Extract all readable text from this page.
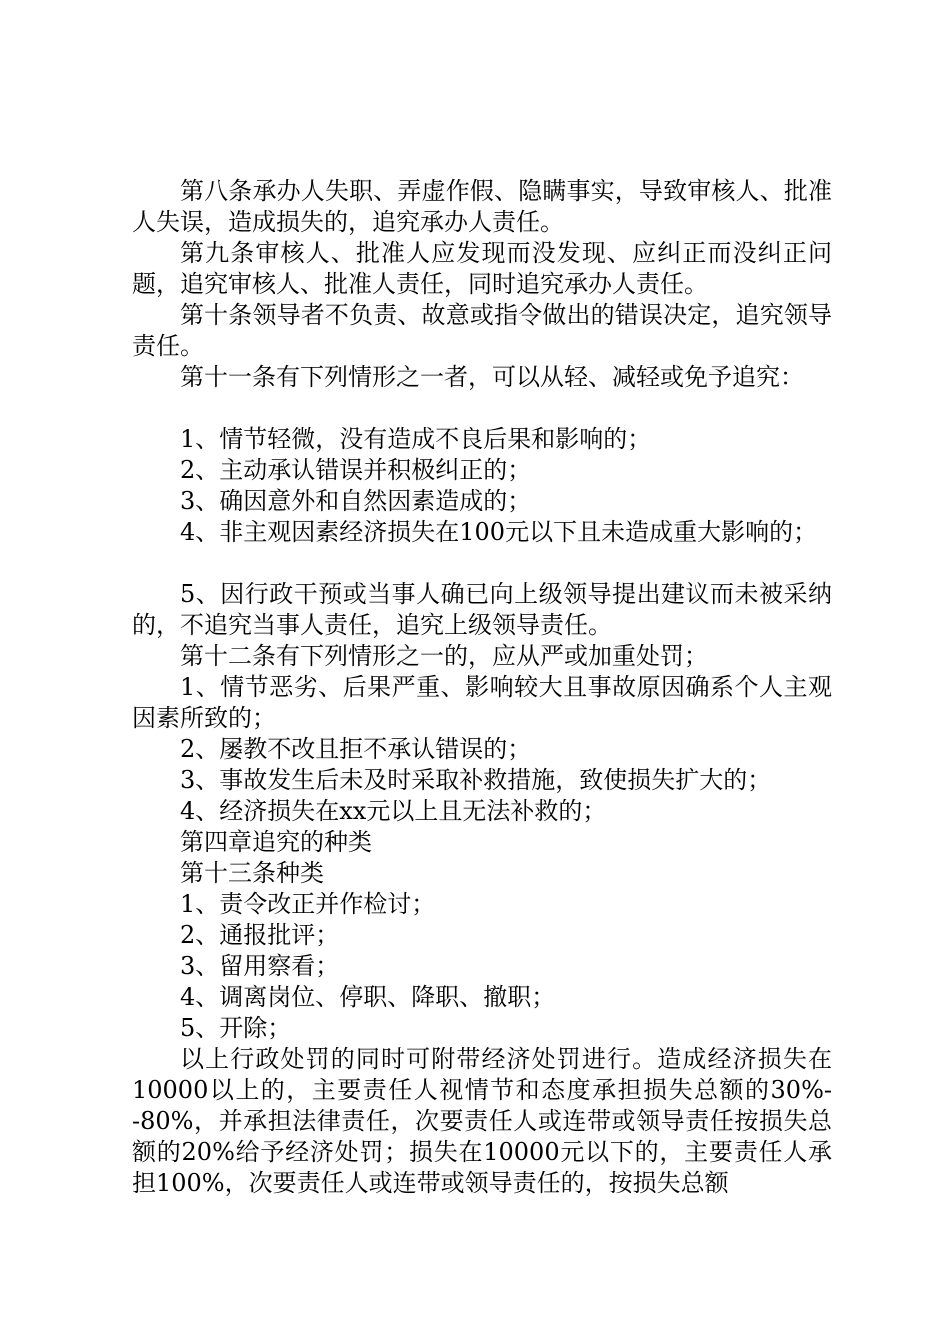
第八条承办人失职、弄虚作假、隐瞒事实，导致审核人、批准人失误，造成损失的，追究承办人责任。

第九条审核人、批准人应发现而没发现、应纠正而没纠正问题，追究审核人、批准人责任，同时追究承办人责任。

第十条领导者不负责、故意或指令做出的错误决定，追究领导责任。

第十一条有下列情形之一者，可以从轻、减轻或免予追究：

1、情节轻微，没有造成不良后果和影响的；

2、主动承认错误并积极纠正的；

3、确因意外和自然因素造成的；

4、非主观因素经济损失在100元以下且未造成重大影响的；

5、因行政干预或当事人确已向上级领导提出建议而未被采纳的，不追究当事人责任，追究上级领导责任。

第十二条有下列情形之一的，应从严或加重处罚；

1、情节恶劣、后果严重、影响较大且事故原因确系个人主观因素所致的；

2、屡教不改且拒不承认错误的；

3、事故发生后未及时采取补救措施，致使损失扩大的；

4、经济损失在xx元以上且无法补救的；

第四章追究的种类

第十三条种类

1、责令改正并作检讨；

2、通报批评；

3、留用察看；

4、调离岗位、停职、降职、撤职；

5、开除；

以上行政处罚的同时可附带经济处罚进行。造成经济损失在10000以上的，主要责任人视情节和态度承担损失总额的30%--80%，并承担法律责任，次要责任人或连带或领导责任按损失总额的20%给予经济处罚；损失在10000元以下的，主要责任人承担100%，次要责任人或连带或领导责任的，按损失总额
